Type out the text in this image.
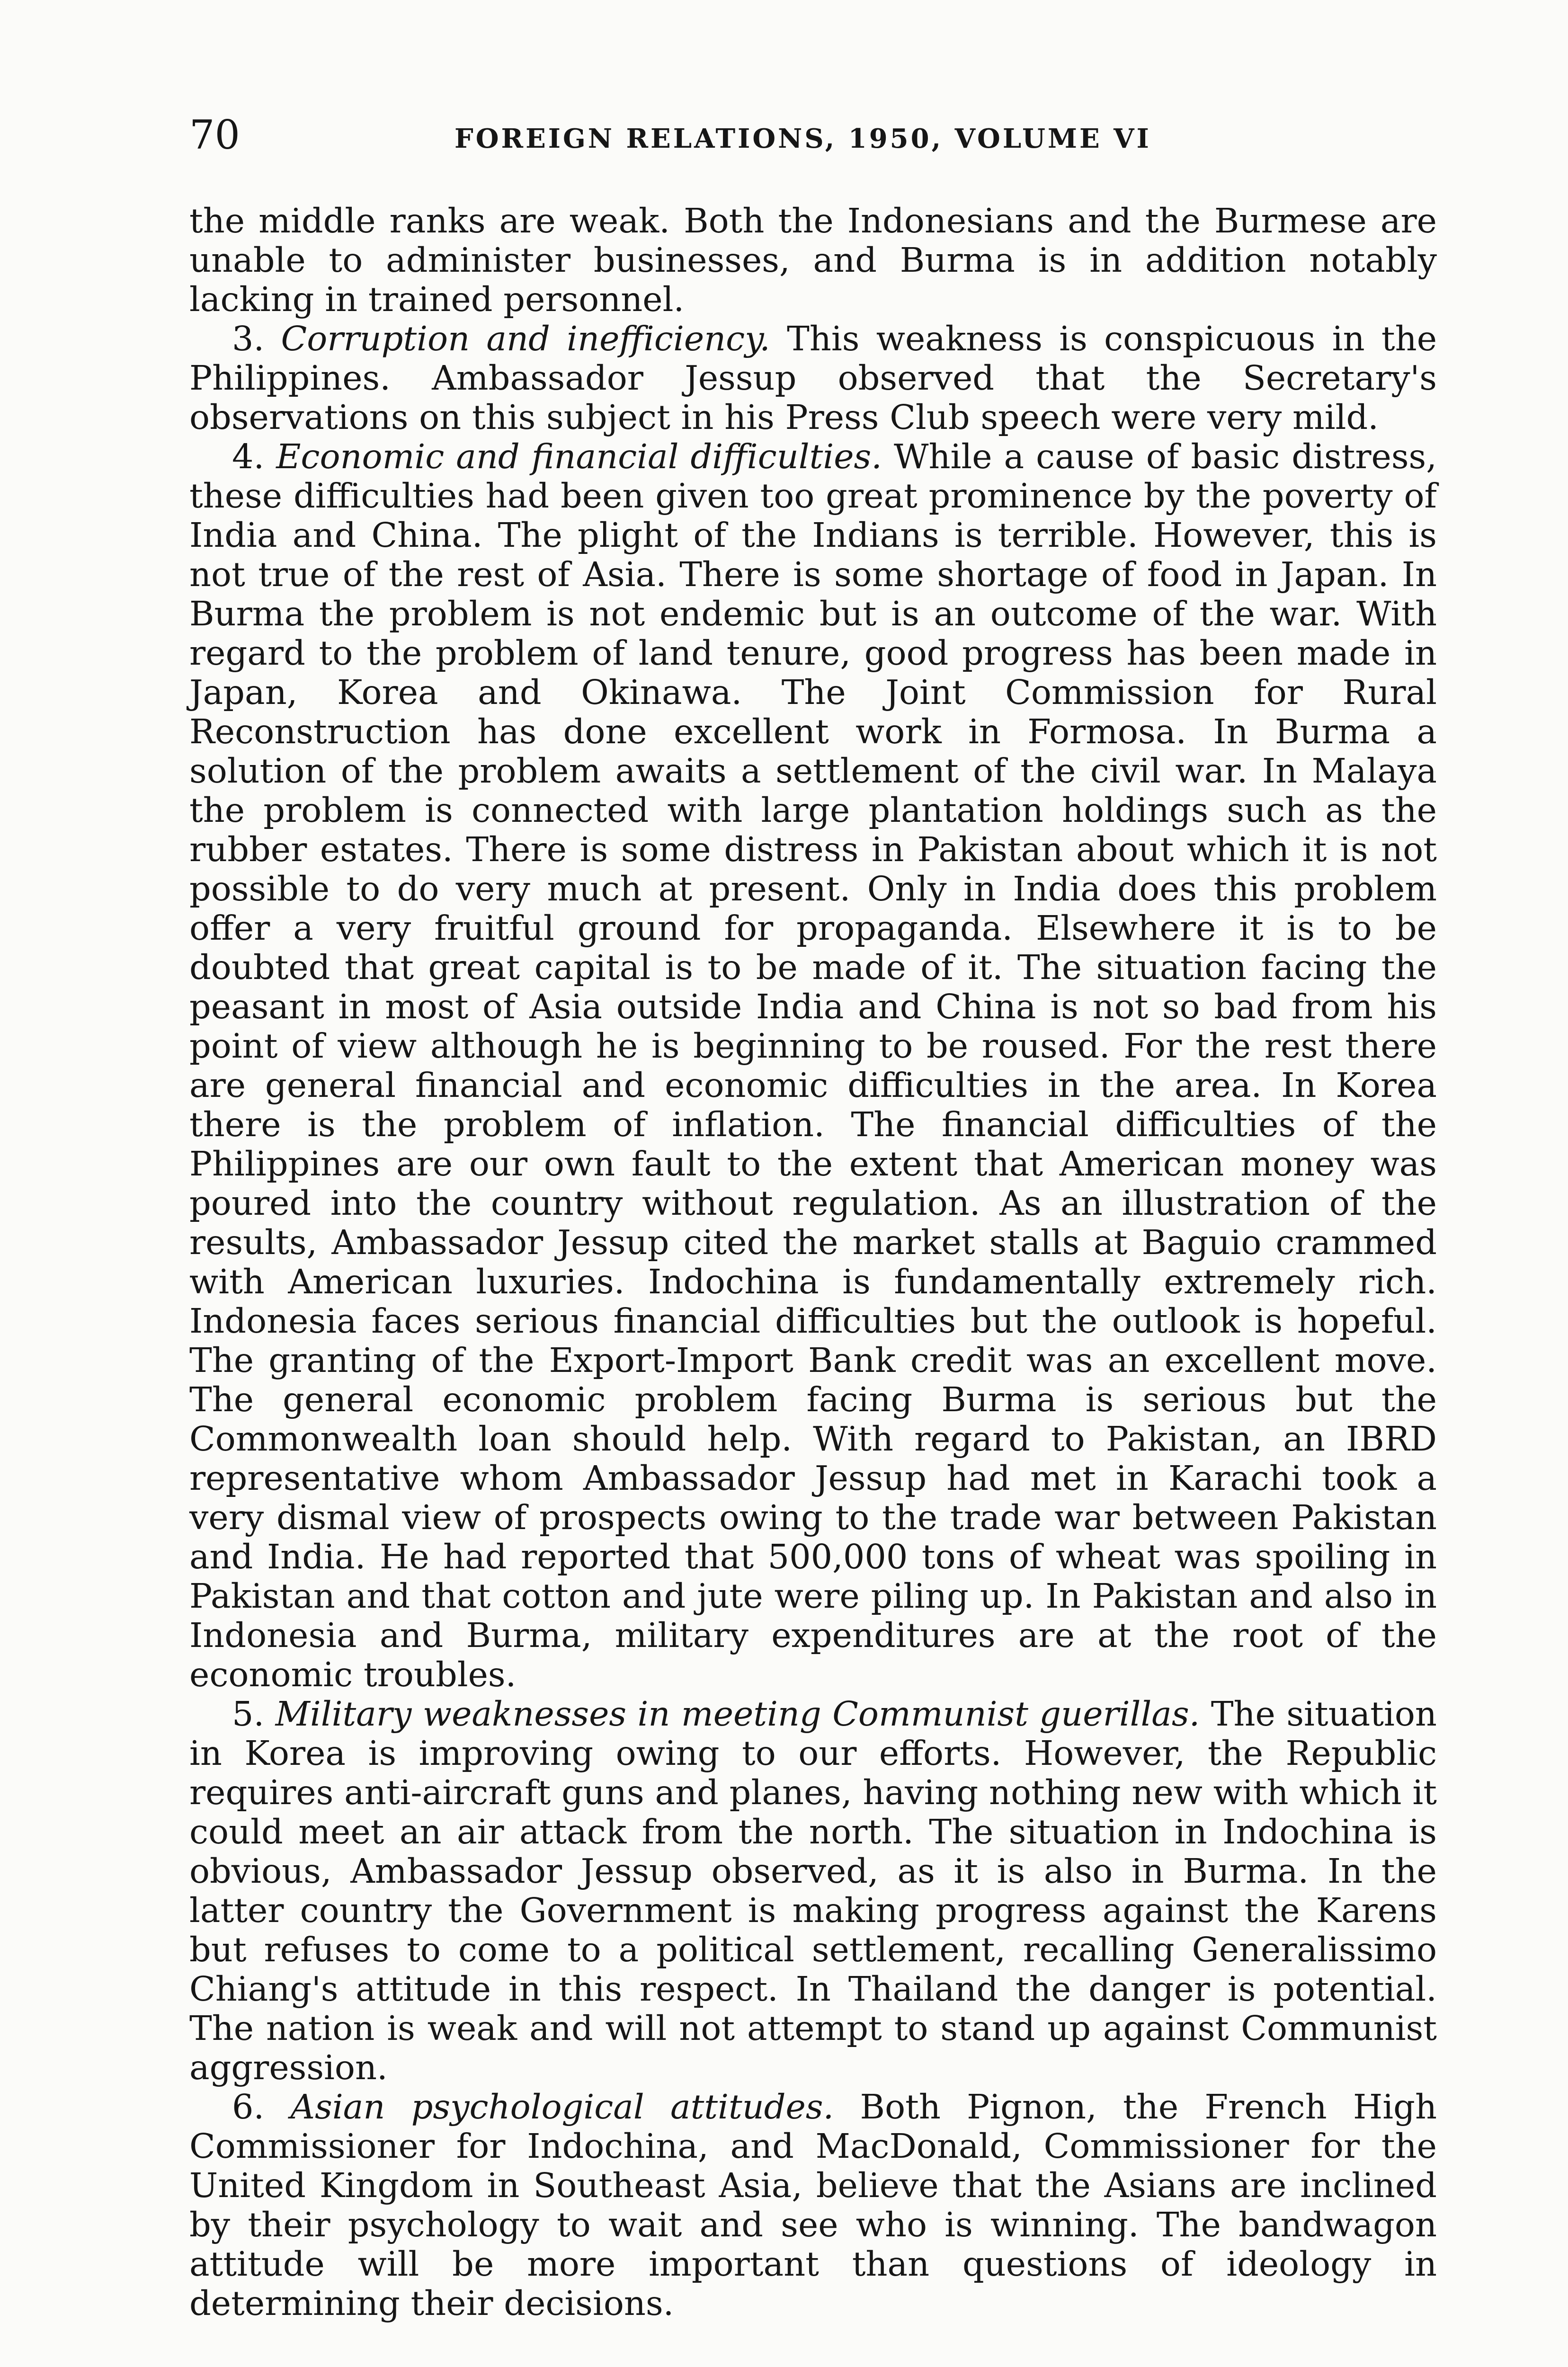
70	FOREIGN RELATIONS, 1950, VOLUME VI

the middle ranks are weak. Both the Indonesians and the Burmese are unable to administer businesses, and Burma is in addition notably lacking in trained personnel.

3. Corruption and inefficiency. This weakness is conspicuous in the Philippines. Ambassador Jessup observed that the Secretary's observations on this subject in his Press Club speech were very mild.

4. Economic and financial difficulties. While a cause of basic distress, these difficulties had been given too great prominence by the poverty of India and China. The plight of the Indians is terrible. However, this is not true of the rest of Asia. There is some shortage of food in Japan. In Burma the problem is not endemic but is an outcome of the war. With regard to the problem of land tenure, good progress has been made in Japan, Korea and Okinawa. The Joint Commission for Rural Reconstruction has done excellent work in Formosa. In Burma a solution of the problem awaits a settlement of the civil war. In Malaya the problem is connected with large plantation holdings such as the rubber estates. There is some distress in Pakistan about which it is not possible to do very much at present. Only in India does this problem offer a very fruitful ground for propaganda. Elsewhere it is to be doubted that great capital is to be made of it. The situation facing the peasant in most of Asia outside India and China is not so bad from his point of view although he is beginning to be roused. For the rest there are general financial and economic difficulties in the area. In Korea there is the problem of inflation. The financial difficulties of the Philippines are our own fault to the extent that American money was poured into the country without regulation. As an illustration of the results, Ambassador Jessup cited the market stalls at Baguio crammed with American luxuries. Indochina is fundamentally extremely rich. Indonesia faces serious financial difficulties but the outlook is hopeful. The granting of the Export-Import Bank credit was an excellent move. The general economic problem facing Burma is serious but the Commonwealth loan should help. With regard to Pakistan, an IBRD representative whom Ambassador Jessup had met in Karachi took a very dismal view of prospects owing to the trade war between Pakistan and India. He had reported that 500,000 tons of wheat was spoiling in Pakistan and that cotton and jute were piling up. In Pakistan and also in Indonesia and Burma, military expenditures are at the root of the economic troubles.

5. Military weaknesses in meeting Communist guerillas. The situation in Korea is improving owing to our efforts. However, the Republic requires anti-aircraft guns and planes, having nothing new with which it could meet an air attack from the north. The situation in Indochina is obvious, Ambassador Jessup observed, as it is also in Burma. In the latter country the Government is making progress against the Karens but refuses to come to a political settlement, recalling Generalissimo Chiang's attitude in this respect. In Thailand the danger is potential. The nation is weak and will not attempt to stand up against Communist aggression.

6. Asian psychological attitudes. Both Pignon, the French High Commissioner for Indochina, and MacDonald, Commissioner for the United Kingdom in Southeast Asia, believe that the Asians are inclined by their psychology to wait and see who is winning. The bandwagon attitude will be more important than questions of ideology in determining their decisions.
